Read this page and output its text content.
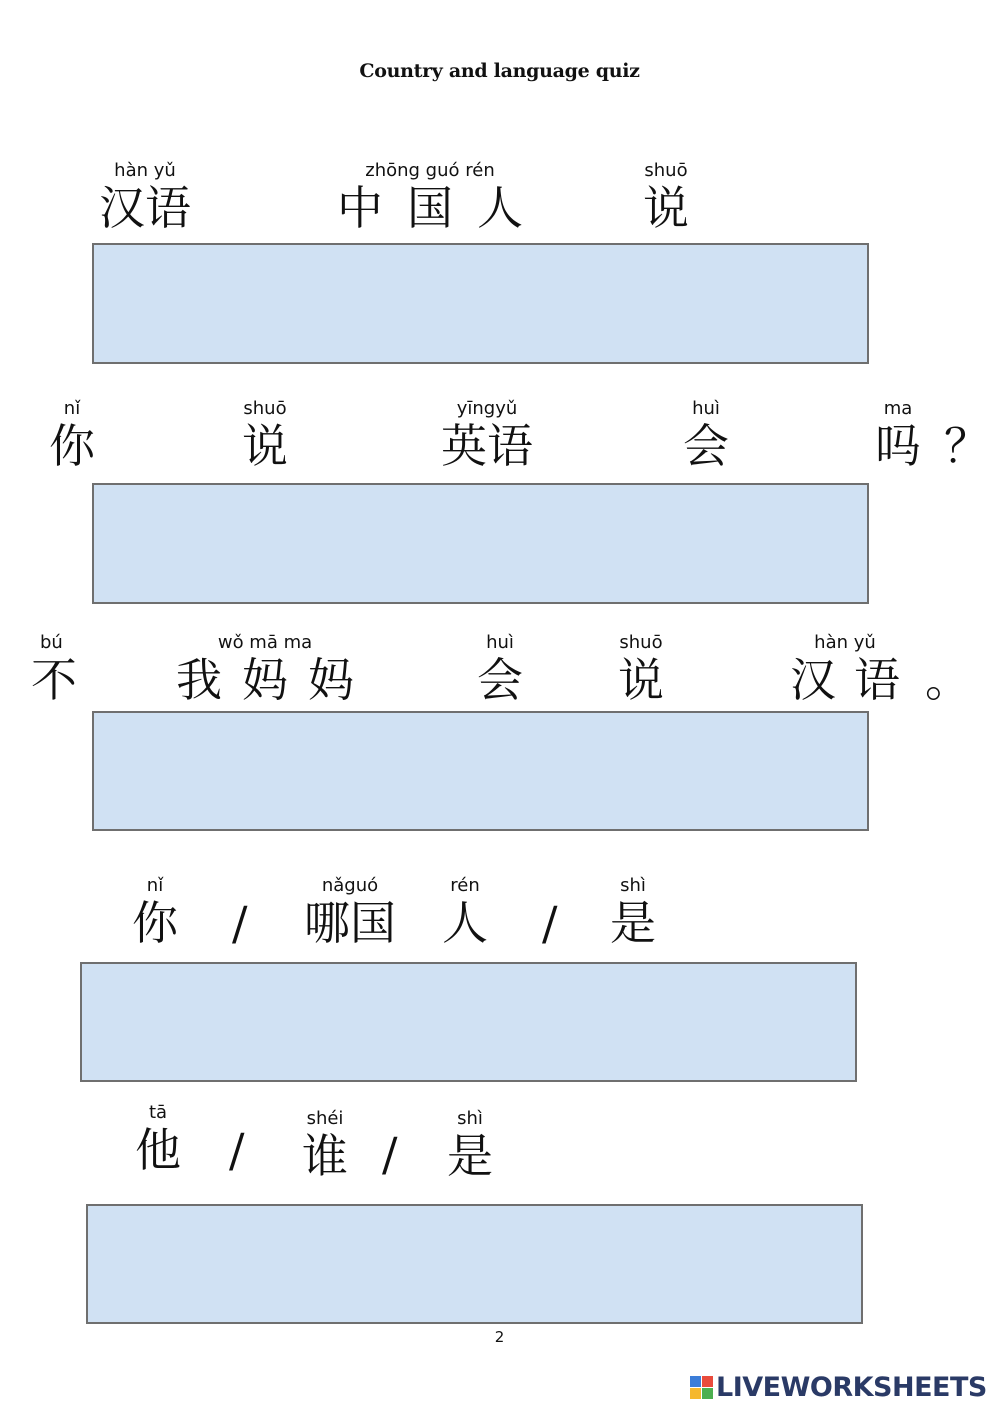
Country and language quiz
hàn yǔ
汉语
zhōng guó rén
中国人
shuō
说
nǐ
你
shuō
说
yīngyǔ
英语
huì
会
ma
吗 ？
bú
不
wǒ mā ma
我妈妈
huì
会
shuō
说
hàn yǔ
汉语 。
nǐ
你 /
nǎguó
哪国
rén
人 /
shì
是
tā
他 /
shéi
谁 /
shì
是
2
LIVEWORKSHEETS
